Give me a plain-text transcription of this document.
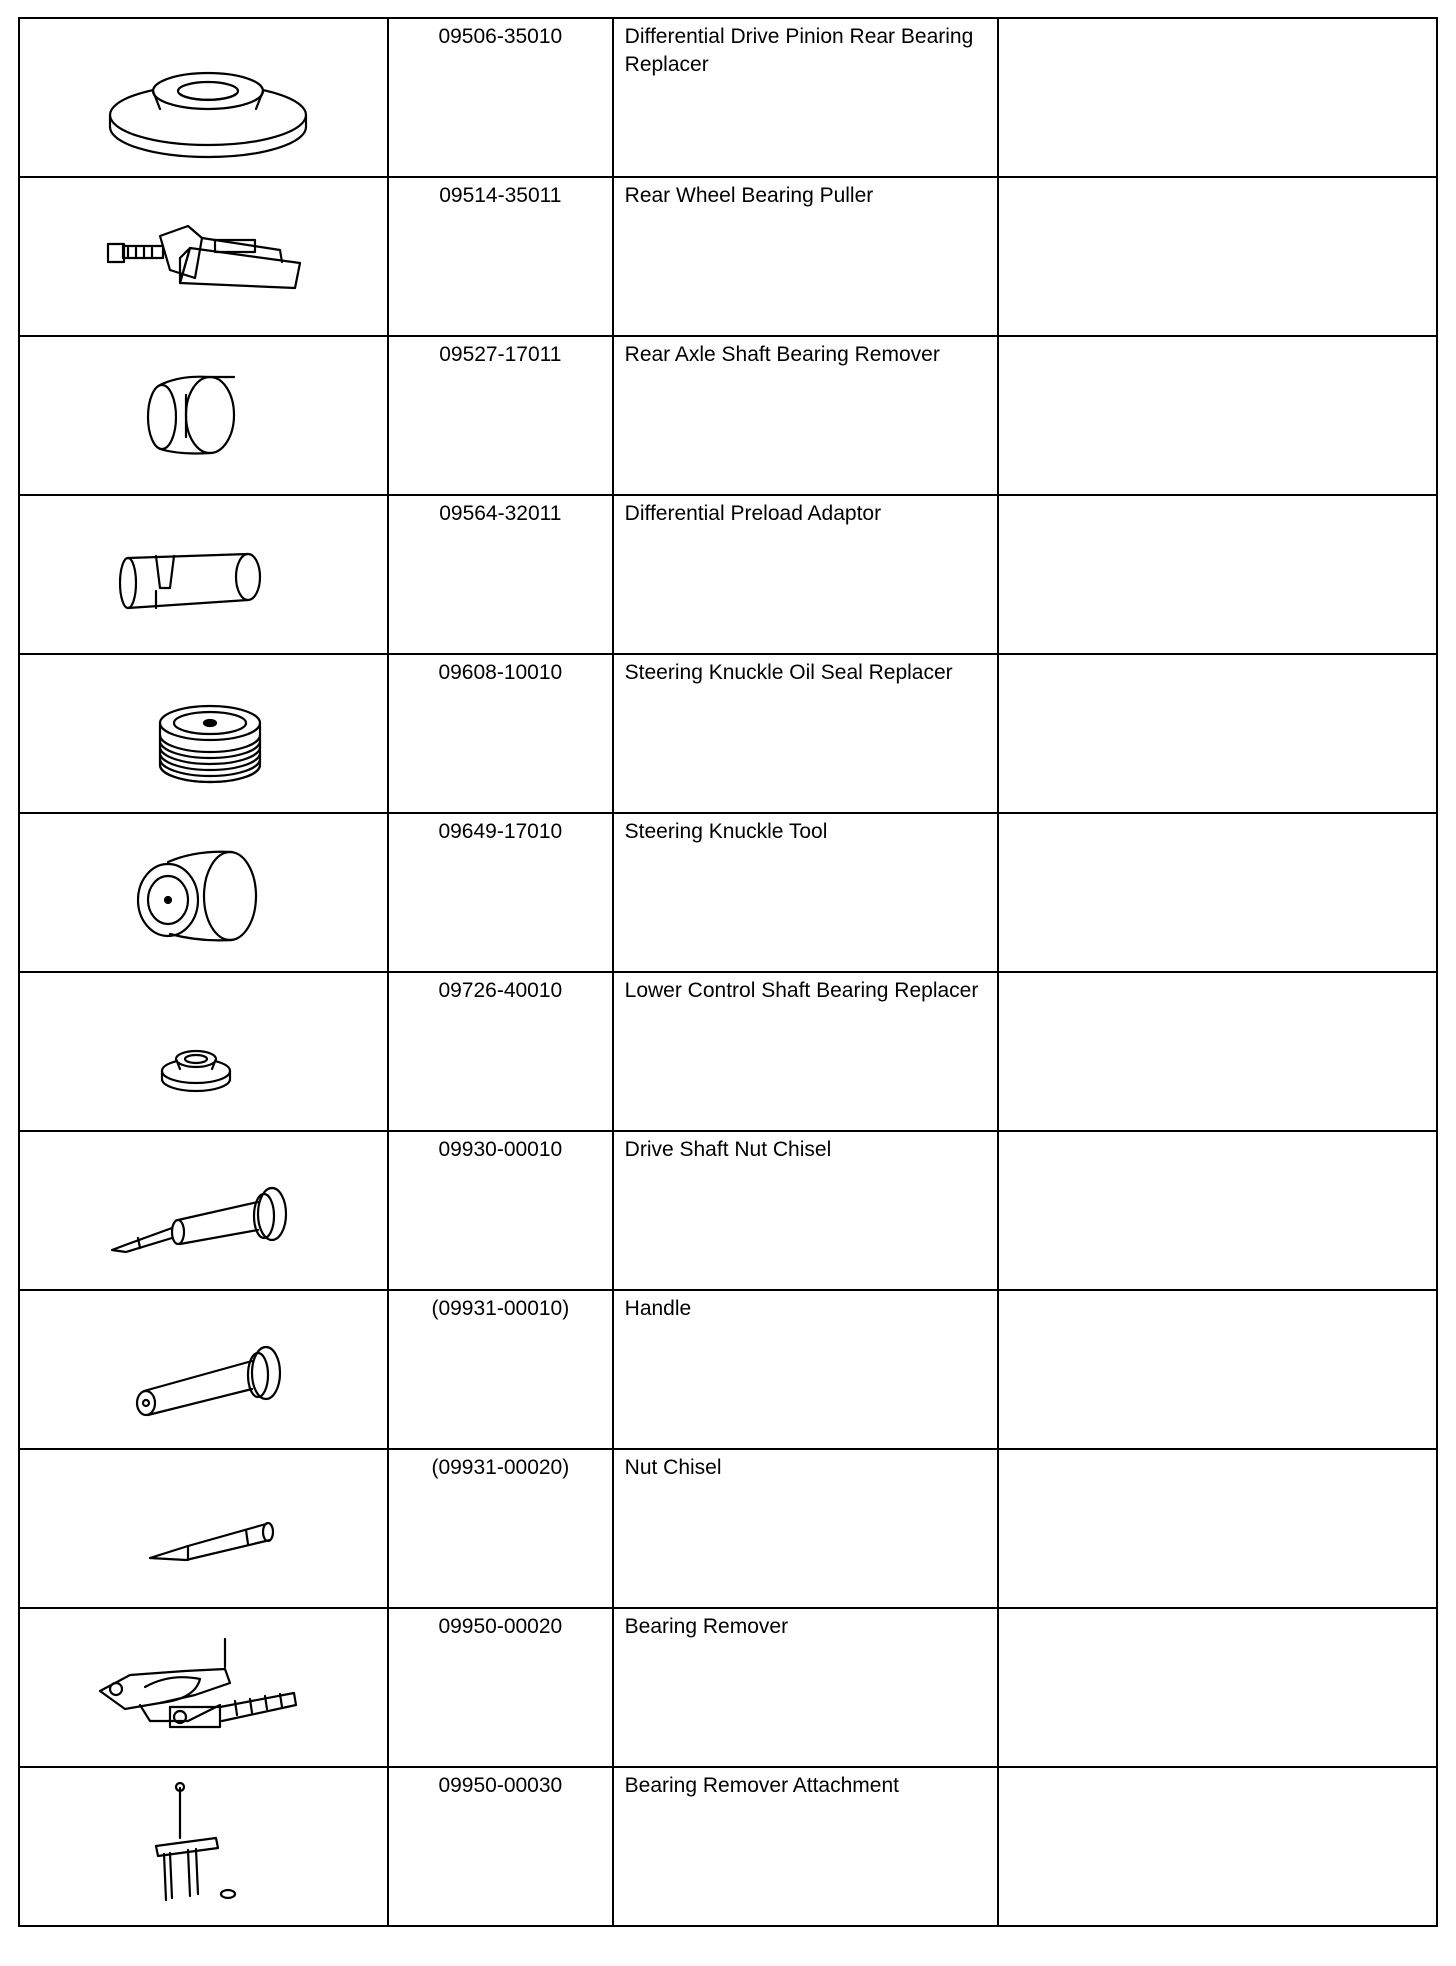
09506-35010	Differential Drive Pinion Rear Bearing Replacer	

09514-35011	Rear Wheel Bearing Puller	

09527-17011	Rear Axle Shaft Bearing Remover	

09564-32011	Differential Preload Adaptor	

09608-10010	Steering Knuckle Oil Seal Replacer	

09649-17010	Steering Knuckle Tool	

09726-40010	Lower Control Shaft Bearing Replacer	

09930-00010	Drive Shaft Nut Chisel	

(09931-00010)	Handle	

(09931-00020)	Nut Chisel	

09950-00020	Bearing Remover	

09950-00030	Bearing Remover Attachment	
